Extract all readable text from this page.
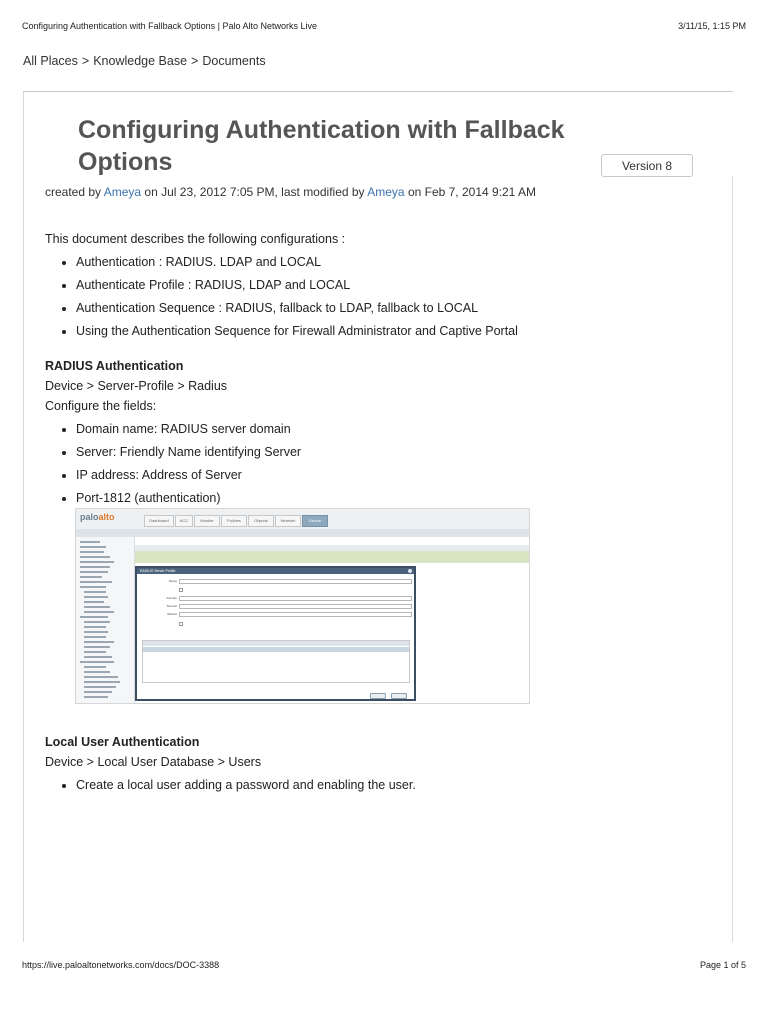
Configuring Authentication with Fallback Options | Palo Alto Networks Live	3/11/15, 1:15 PM
All Places > Knowledge Base > Documents
Configuring Authentication with Fallback Options	Version 8
created by Ameya on Jul 23, 2012 7:05 PM, last modified by Ameya on Feb 7, 2014 9:21 AM

This document describes the following configurations :

• Authentication : RADIUS. LDAP and LOCAL
• Authenticate Profile : RADIUS, LDAP and LOCAL
• Authentication Sequence : RADIUS, fallback to LDAP, fallback to LOCAL
• Using the Authentication Sequence for Firewall Administrator and Captive Portal
RADIUS Authentication

Device > Server-Profile > Radius

Configure the fields:

• Domain name: RADIUS server domain
• Server: Friendly Name identifying Server
• IP address: Address of Server
• Port-1812 (authentication)
Local User Authentication

Device > Local User Database > Users

• Create a local user adding a password and enabling the user.
paloalto	Dashboard	ACC	Monitor	Policies	Objects	Network	Device
RADIUS Server Profile
Name
Domain
Timeout
Retries
https://live.paloaltonetworks.com/docs/DOC-3388	Page 1 of 5
